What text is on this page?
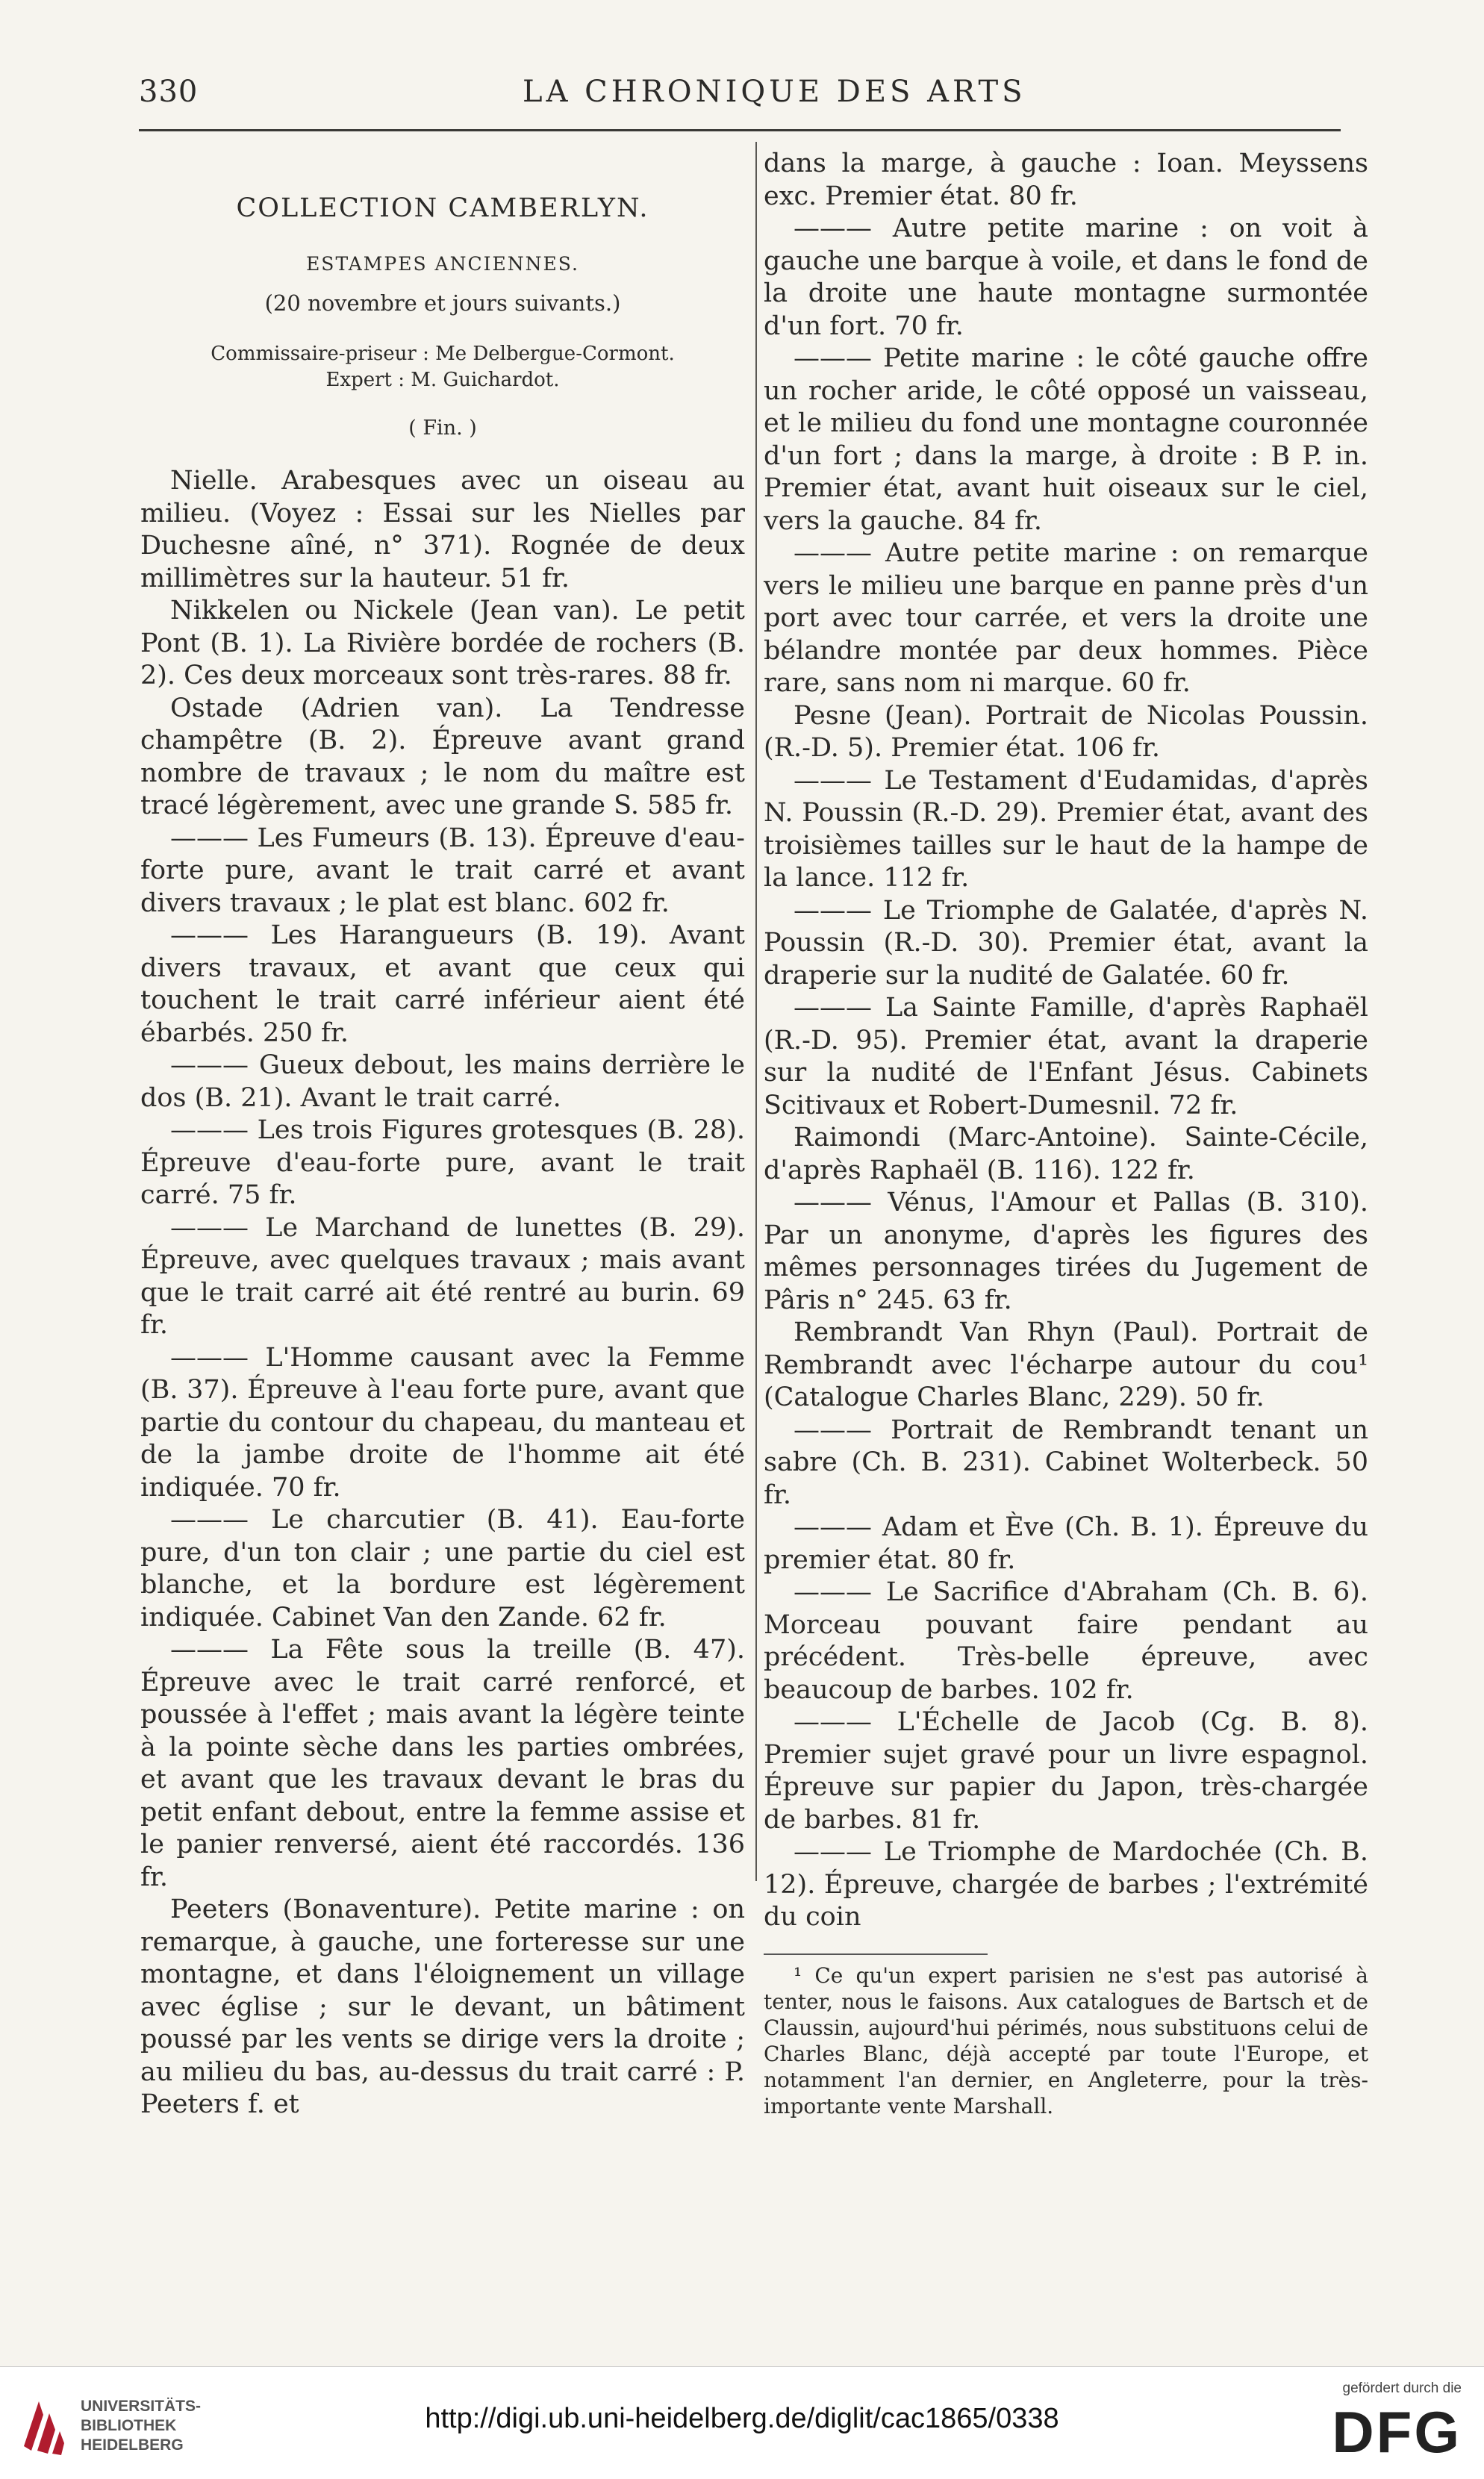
330	LA CHRONIQUE DES ARTS

COLLECTION CAMBERLYN.

ESTAMPES ANCIENNES.

(20 novembre et jours suivants.)

Commissaire-priseur : Me Delbergue-Cormont.

Expert : M. Guichardot.

( Fin. )

Nielle. Arabesques avec un oiseau au milieu. (Voyez : Essai sur les Nielles par Duchesne aîné, n° 371). Rognée de deux millimètres sur la hauteur. 51 fr.

Nikkelen ou Nickele (Jean van). Le petit Pont (B. 1). La Rivière bordée de rochers (B. 2). Ces deux morceaux sont très-rares. 88 fr.

Ostade (Adrien van). La Tendresse champêtre (B. 2). Épreuve avant grand nombre de travaux ; le nom du maître est tracé légèrement, avec une grande S. 585 fr.

——— Les Fumeurs (B. 13). Épreuve d'eau-forte pure, avant le trait carré et avant divers travaux ; le plat est blanc. 602 fr.

——— Les Harangueurs (B. 19). Avant divers travaux, et avant que ceux qui touchent le trait carré inférieur aient été ébarbés. 250 fr.

——— Gueux debout, les mains derrière le dos (B. 21). Avant le trait carré.

——— Les trois Figures grotesques (B. 28). Épreuve d'eau-forte pure, avant le trait carré. 75 fr.

——— Le Marchand de lunettes (B. 29). Épreuve, avec quelques travaux ; mais avant que le trait carré ait été rentré au burin. 69 fr.

——— L'Homme causant avec la Femme (B. 37). Épreuve à l'eau forte pure, avant que partie du contour du chapeau, du manteau et de la jambe droite de l'homme ait été indiquée. 70 fr.

——— Le charcutier (B. 41). Eau-forte pure, d'un ton clair ; une partie du ciel est blanche, et la bordure est légèrement indiquée. Cabinet Van den Zande. 62 fr.

——— La Fête sous la treille (B. 47). Épreuve avec le trait carré renforcé, et poussée à l'effet ; mais avant la légère teinte à la pointe sèche dans les parties ombrées, et avant que les travaux devant le bras du petit enfant debout, entre la femme assise et le panier renversé, aient été raccordés. 136 fr.

Peeters (Bonaventure). Petite marine : on remarque, à gauche, une forteresse sur une montagne, et dans l'éloignement un village avec église ; sur le devant, un bâtiment poussé par les vents se dirige vers la droite ; au milieu du bas, au-dessus du trait carré : P. Peeters f. et

dans la marge, à gauche : Ioan. Meyssens exc. Premier état. 80 fr.

——— Autre petite marine : on voit à gauche une barque à voile, et dans le fond de la droite une haute montagne surmontée d'un fort. 70 fr.

——— Petite marine : le côté gauche offre un rocher aride, le côté opposé un vaisseau, et le milieu du fond une montagne couronnée d'un fort ; dans la marge, à droite : B P. in. Premier état, avant huit oiseaux sur le ciel, vers la gauche. 84 fr.

——— Autre petite marine : on remarque vers le milieu une barque en panne près d'un port avec tour carrée, et vers la droite une bélandre montée par deux hommes. Pièce rare, sans nom ni marque. 60 fr.

Pesne (Jean). Portrait de Nicolas Poussin. (R.-D. 5). Premier état. 106 fr.

——— Le Testament d'Eudamidas, d'après N. Poussin (R.-D. 29). Premier état, avant des troisièmes tailles sur le haut de la hampe de la lance. 112 fr.

——— Le Triomphe de Galatée, d'après N. Poussin (R.-D. 30). Premier état, avant la draperie sur la nudité de Galatée. 60 fr.

——— La Sainte Famille, d'après Raphaël (R.-D. 95). Premier état, avant la draperie sur la nudité de l'Enfant Jésus. Cabinets Scitivaux et Robert-Dumesnil. 72 fr.

Raimondi (Marc-Antoine). Sainte-Cécile, d'après Raphaël (B. 116). 122 fr.

——— Vénus, l'Amour et Pallas (B. 310). Par un anonyme, d'après les figures des mêmes personnages tirées du Jugement de Pâris n° 245. 63 fr.

Rembrandt Van Rhyn (Paul). Portrait de Rembrandt avec l'écharpe autour du cou¹ (Catalogue Charles Blanc, 229). 50 fr.

——— Portrait de Rembrandt tenant un sabre (Ch. B. 231). Cabinet Wolterbeck. 50 fr.

——— Adam et Ève (Ch. B. 1). Épreuve du premier état. 80 fr.

——— Le Sacrifice d'Abraham (Ch. B. 6). Morceau pouvant faire pendant au précédent. Très-belle épreuve, avec beaucoup de barbes. 102 fr.

——— L'Échelle de Jacob (Cg. B. 8). Premier sujet gravé pour un livre espagnol. Épreuve sur papier du Japon, très-chargée de barbes. 81 fr.

——— Le Triomphe de Mardochée (Ch. B. 12). Épreuve, chargée de barbes ; l'extrémité du coin

¹ Ce qu'un expert parisien ne s'est pas autorisé à tenter, nous le faisons. Aux catalogues de Bartsch et de Claussin, aujourd'hui périmés, nous substituons celui de Charles Blanc, déjà accepté par toute l'Europe, et notamment l'an dernier, en Angleterre, pour la très-importante vente Marshall.

UNIVERSITÄTS-
BIBLIOTHEK
HEIDELBERG
http://digi.ub.uni-heidelberg.de/diglit/cac1865/0338
gefördert durch die
DFG
